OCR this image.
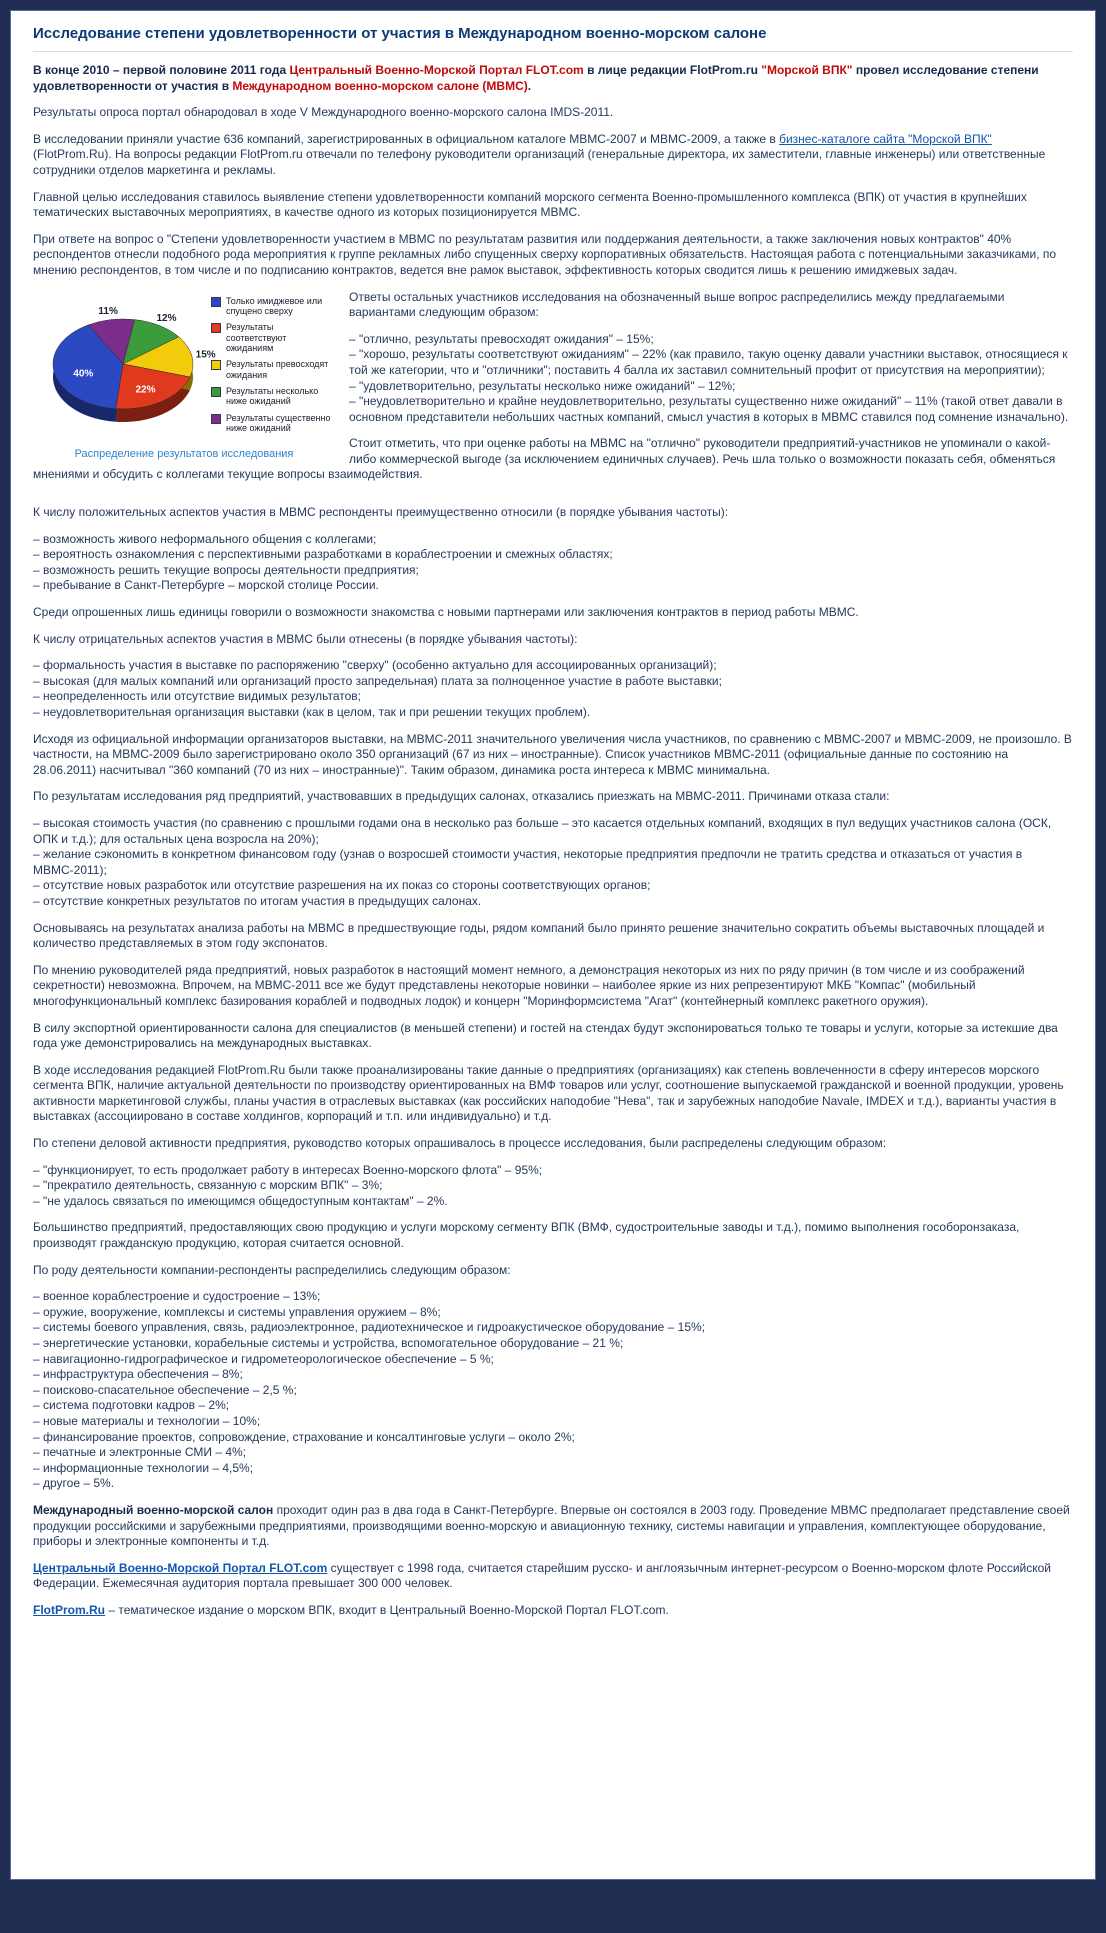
Исследование степени удовлетворенности от участия в Международном военно-морском салоне

В конце 2010 – первой половине 2011 года Центральный Военно-Морской Портал FLOT.com в лице редакции FlotProm.ru "Морской ВПК" провел исследование степени удовлетворенности от участия в Международном военно-морском салоне (МВМС).

Результаты опроса портал обнародовал в ходе V Международного военно-морского салона IMDS-2011.

В исследовании приняли участие 636 компаний, зарегистрированных в официальном каталоге МВМС-2007 и МВМС-2009, а также в бизнес-каталоге сайта "Морской ВПК" (FlotProm.Ru). На вопросы редакции FlotProm.ru отвечали по телефону руководители организаций (генеральные директора, их заместители, главные инженеры) или ответственные сотрудники отделов маркетинга и рекламы.

Главной целью исследования ставилось выявление степени удовлетворенности компаний морского сегмента Военно-промышленного комплекса (ВПК) от участия в крупнейших тематических выставочных мероприятиях, в качестве одного из которых позиционируется МВМС.

При ответе на вопрос о "Степени удовлетворенности участием в МВМС по результатам развития или поддержания деятельности, а также заключения новых контрактов" 40% респондентов отнесли подобного рода мероприятия к группе рекламных либо спущенных сверху корпоративных обязательств. Настоящая работа с потенциальными заказчиками, по мнению респондентов, в том числе и по подписанию контрактов, ведется вне рамок выставок, эффективность которых сводится лишь к решению имиджевых задач.

11%
12%
15%
22%
40%
Только имиджевое или спущено сверху
Результаты соответствуют ожиданиям
Результаты превосходят ожидания
Результаты несколько ниже ожиданий
Результаты существенно ниже ожиданий
Распределение результатов исследования

Ответы остальных участников исследования на обозначенный выше вопрос распределились между предлагаемыми вариантами следующим образом:

– "отлично, результаты превосходят ожидания" – 15%;
– "хорошо, результаты соответствуют ожиданиям" – 22% (как правило, такую оценку давали участники выставок, относящиеся к той же категории, что и "отличники"; поставить 4 балла их заставил сомнительный профит от присутствия на мероприятии);
– "удовлетворительно, результаты несколько ниже ожиданий" – 12%;
– "неудовлетворительно и крайне неудовлетворительно, результаты существенно ниже ожиданий" – 11% (такой ответ давали в основном представители небольших частных компаний, смысл участия в которых в МВМС ставился под сомнение изначально).

Стоит отметить, что при оценке работы на МВМС на "отлично" руководители предприятий-участников не упоминали о какой-либо коммерческой выгоде (за исключением единичных случаев). Речь шла только о возможности показать себя, обменяться мнениями и обсудить с коллегами текущие вопросы взаимодействия.

К числу положительных аспектов участия в МВМС респонденты преимущественно относили (в порядке убывания частоты):

– возможность живого неформального общения с коллегами;
– вероятность ознакомления с перспективными разработками в кораблестроении и смежных областях;
– возможность решить текущие вопросы деятельности предприятия;
– пребывание в Санкт-Петербурге – морской столице России.

Среди опрошенных лишь единицы говорили о возможности знакомства с новыми партнерами или заключения контрактов в период работы МВМС.

К числу отрицательных аспектов участия в МВМС были отнесены (в порядке убывания частоты):

– формальность участия в выставке по распоряжению "сверху" (особенно актуально для ассоциированных организаций);
– высокая (для малых компаний или организаций просто запредельная) плата за полноценное участие в работе выставки;
– неопределенность или отсутствие видимых результатов;
– неудовлетворительная организация выставки (как в целом, так и при решении текущих проблем).

Исходя из официальной информации организаторов выставки, на МВМС-2011 значительного увеличения числа участников, по сравнению с МВМС-2007 и МВМС-2009, не произошло. В частности, на МВМС-2009 было зарегистрировано около 350 организаций (67 из них – иностранные). Список участников МВМС-2011 (официальные данные по состоянию на 28.06.2011) насчитывал "360 компаний (70 из них – иностранные)". Таким образом, динамика роста интереса к МВМС минимальна.

По результатам исследования ряд предприятий, участвовавших в предыдущих салонах, отказались приезжать на МВМС-2011. Причинами отказа стали:

– высокая стоимость участия (по сравнению с прошлыми годами она в несколько раз больше – это касается отдельных компаний, входящих в пул ведущих участников салона (ОСК, ОПК и т.д.); для остальных цена возросла на 20%);
– желание сэкономить в конкретном финансовом году (узнав о возросшей стоимости участия, некоторые предприятия предпочли не тратить средства и отказаться от участия в МВМС-2011);
– отсутствие новых разработок или отсутствие разрешения на их показ со стороны соответствующих органов;
– отсутствие конкретных результатов по итогам участия в предыдущих салонах.

Основываясь на результатах анализа работы на МВМС в предшествующие годы, рядом компаний было принято решение значительно сократить объемы выставочных площадей и количество представляемых в этом году экспонатов.

По мнению руководителей ряда предприятий, новых разработок в настоящий момент немного, а демонстрация некоторых из них по ряду причин (в том числе и из соображений секретности) невозможна. Впрочем, на МВМС-2011 все же будут представлены некоторые новинки – наиболее яркие из них репрезентируют МКБ "Компас" (мобильный многофункциональный комплекс базирования кораблей и подводных лодок) и концерн "Моринформсистема "Агат" (контейнерный комплекс ракетного оружия).

В силу экспортной ориентированности салона для специалистов (в меньшей степени) и гостей на стендах будут экспонироваться только те товары и услуги, которые за истекшие два года уже демонстрировались на международных выставках.

В ходе исследования редакцией FlotProm.Ru были также проанализированы такие данные о предприятиях (организациях) как степень вовлеченности в сферу интересов морского сегмента ВПК, наличие актуальной деятельности по производству ориентированных на ВМФ товаров или услуг, соотношение выпускаемой гражданской и военной продукции, уровень активности маркетинговой службы, планы участия в отраслевых выставках (как российских наподобие "Нева", так и зарубежных наподобие Navale, IMDEX и т.д.), варианты участия в выставках (ассоциировано в составе холдингов, корпораций и т.п. или индивидуально) и т.д.

По степени деловой активности предприятия, руководство которых опрашивалось в процессе исследования, были распределены следующим образом:

– "функционирует, то есть продолжает работу в интересах Военно-морского флота" – 95%;
– "прекратило деятельность, связанную с морским ВПК" – 3%;
– "не удалось связаться по имеющимся общедоступным контактам" – 2%.

Большинство предприятий, предоставляющих свою продукцию и услуги морскому сегменту ВПК (ВМФ, судостроительные заводы и т.д.), помимо выполнения гособоронзаказа, производят гражданскую продукцию, которая считается основной.

По роду деятельности компании-респонденты распределились следующим образом:

– военное кораблестроение и судостроение – 13%;
– оружие, вооружение, комплексы и системы управления оружием – 8%;
– системы боевого управления, связь, радиоэлектронное, радиотехническое и гидроакустическое оборудование – 15%;
– энергетические установки, корабельные системы и устройства, вспомогательное оборудование – 21 %;
– навигационно-гидрографическое и гидрометеорологическое обеспечение – 5 %;
– инфраструктура обеспечения – 8%;
– поисково-спасательное обеспечение – 2,5 %;
– система подготовки кадров – 2%;
– новые материалы и технологии – 10%;
– финансирование проектов, сопровождение, страхование и консалтинговые услуги – около 2%;
– печатные и электронные СМИ – 4%;
– информационные технологии – 4,5%;
– другое – 5%.

Международный военно-морской салон проходит один раз в два года в Санкт-Петербурге. Впервые он состоялся в 2003 году. Проведение МВМС предполагает представление своей продукции российскими и зарубежными предприятиями, производящими военно-морскую и авиационную технику, системы навигации и управления, комплектующее оборудование, приборы и электронные компоненты и т.д.

Центральный Военно-Морской Портал FLOT.com существует с 1998 года, считается старейшим русско- и англоязычным интернет-ресурсом о Военно-морском флоте Российской Федерации. Ежемесячная аудитория портала превышает 300 000 человек.

FlotProm.Ru – тематическое издание о морском ВПК, входит в Центральный Военно-Морской Портал FLOT.com.
